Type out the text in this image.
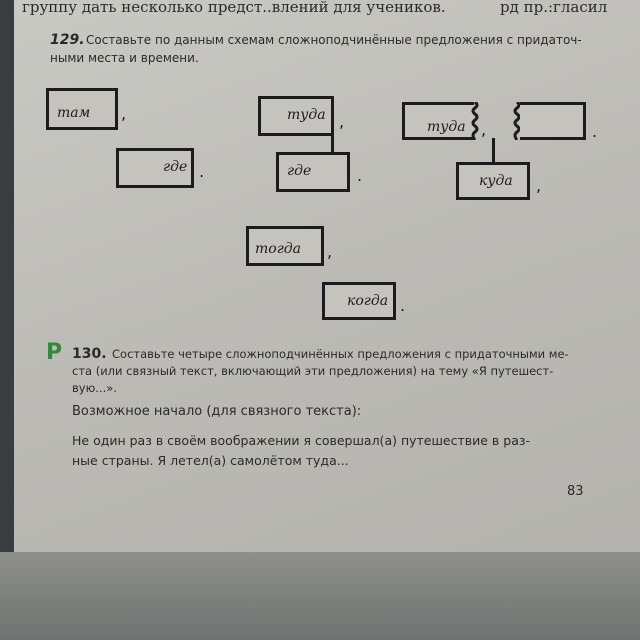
группу дать несколько предст..влений для учеников.	рд пр.:гласил
129. Составьте по данным схемам сложноподчинённые предложения с придаточ-
ными места и времени.
там ,
где .
туда ,
где	.
туда ,	.
куда ,
тогда ,
когда .
Р 130. Составьте четыре сложноподчинённых предложения с придаточными ме-
ста (или связный текст, включающий эти предложения) на тему «Я путешест-
вую...».
Возможное начало (для связного текста):
Не один раз в своём воображении я совершал(а) путешествие в раз-
ные страны. Я летел(а) самолётом туда...
83
